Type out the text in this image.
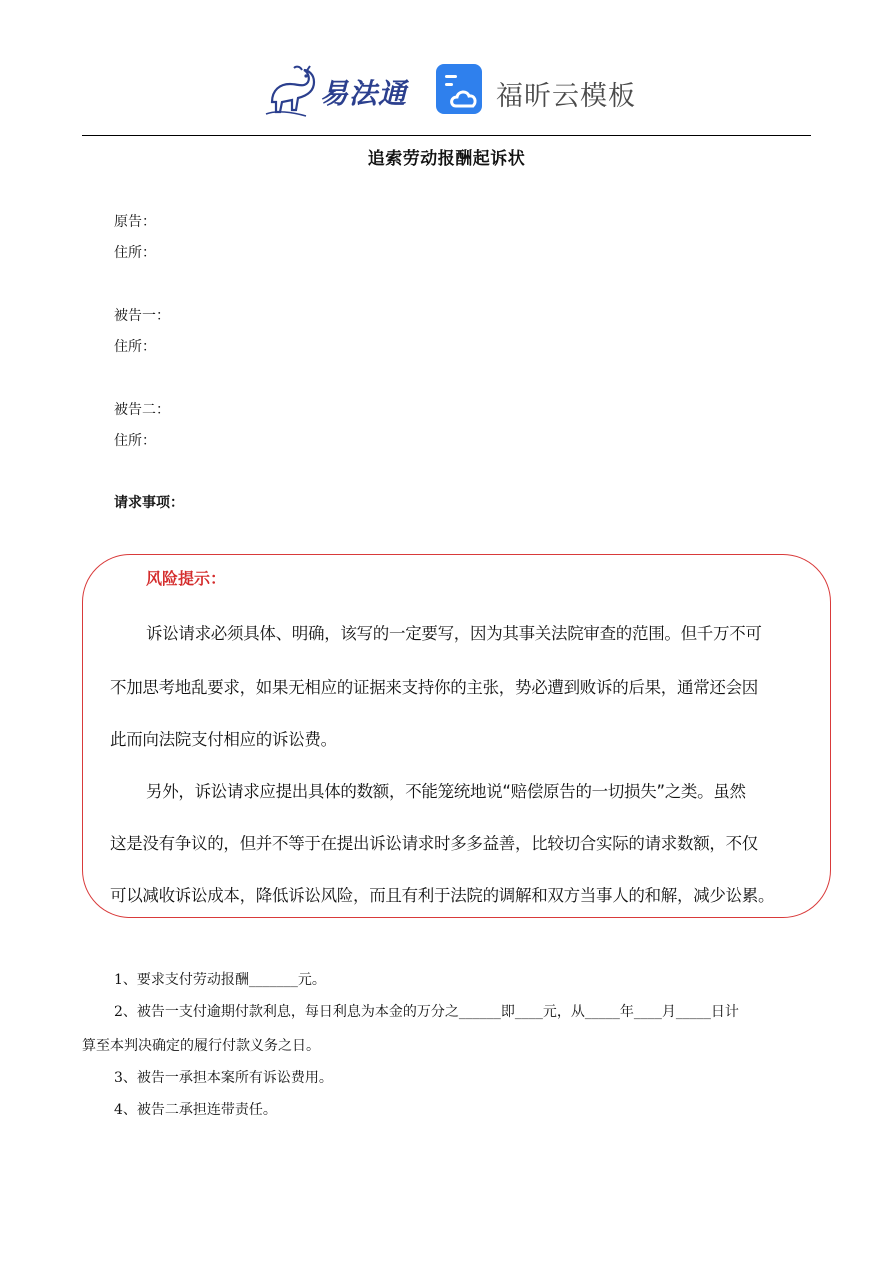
易法通	福昕云模板
追索劳动报酬起诉状
原告：
住所：
被告一：
住所：
被告二：
住所：
请求事项：
风险提示：
诉讼请求必须具体、明确，该写的一定要写，因为其事关法院审查的范围。但千万不可
不加思考地乱要求，如果无相应的证据来支持你的主张，势必遭到败诉的后果，通常还会因
此而向法院支付相应的诉讼费。
另外，诉讼请求应提出具体的数额，不能笼统地说“赔偿原告的一切损失”之类。虽然
这是没有争议的，但并不等于在提出诉讼请求时多多益善，比较切合实际的请求数额，不仅
可以减收诉讼成本，降低诉讼风险，而且有利于法院的调解和双方当事人的和解，减少讼累。
1、要求支付劳动报酬_______元。
2、被告一支付逾期付款利息，每日利息为本金的万分之______即____元，从_____年____月_____日计
算至本判决确定的履行付款义务之日。
3、被告一承担本案所有诉讼费用。
4、被告二承担连带责任。
